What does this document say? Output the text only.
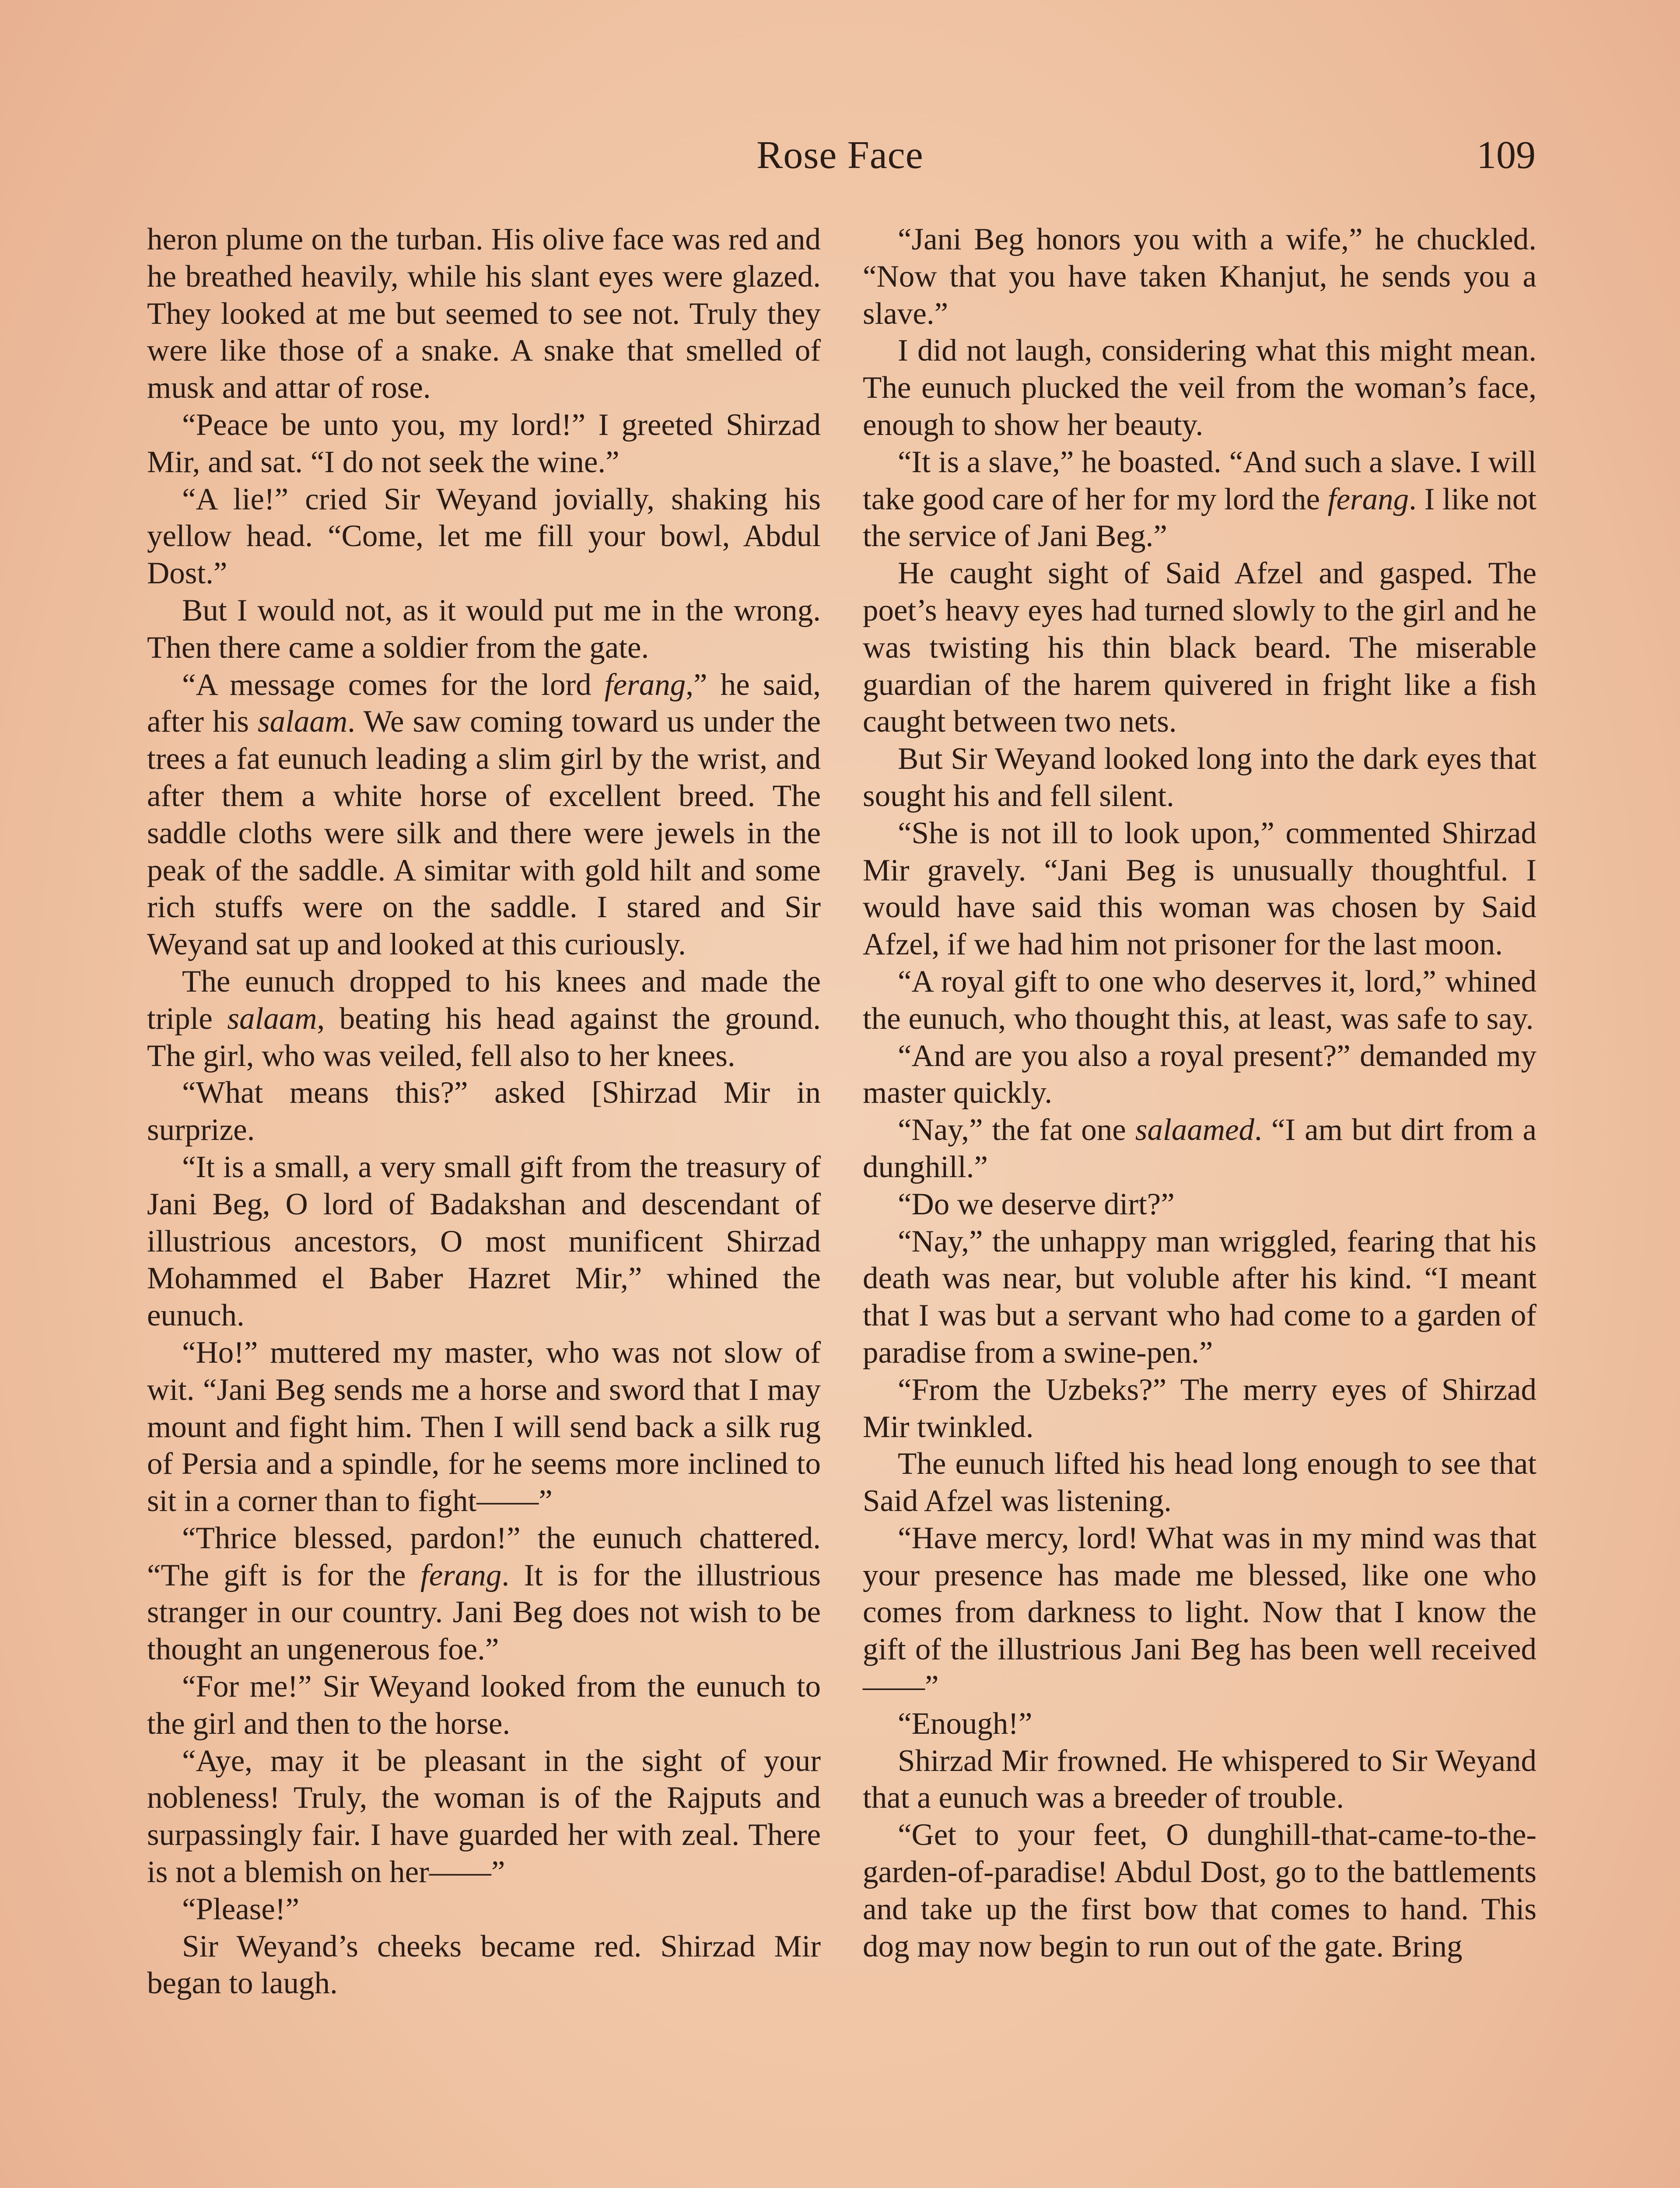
Rose Face	109

heron plume on the turban. His olive face was red and he breathed heavily, while his slant eyes were glazed. They looked at me but seemed to see not. Truly they were like those of a snake. A snake that smelled of musk and attar of rose.

“Peace be unto you, my lord!” I greeted Shirzad Mir, and sat. “I do not seek the wine.”

“A lie!” cried Sir Weyand jovially, shaking his yellow head. “Come, let me fill your bowl, Abdul Dost.”

But I would not, as it would put me in the wrong. Then there came a soldier from the gate.

“A message comes for the lord ferang,” he said, after his salaam. We saw coming toward us under the trees a fat eunuch leading a slim girl by the wrist, and after them a white horse of excellent breed. The saddle cloths were silk and there were jewels in the peak of the saddle. A simitar with gold hilt and some rich stuffs were on the saddle. I stared and Sir Weyand sat up and looked at this curiously.

The eunuch dropped to his knees and made the triple salaam, beating his head against the ground. The girl, who was veiled, fell also to her knees.

“What means this?” asked [Shirzad Mir in surprize.

“It is a small, a very small gift from the treasury of Jani Beg, O lord of Badakshan and descendant of illustrious ancestors, O most munificent Shirzad Mohammed el Baber Hazret Mir,” whined the eunuch.

“Ho!” muttered my master, who was not slow of wit. “Jani Beg sends me a horse and sword that I may mount and fight him. Then I will send back a silk rug of Persia and a spindle, for he seems more inclined to sit in a corner than to fight——”

“Thrice blessed, pardon!” the eunuch chattered. “The gift is for the ferang. It is for the illustrious stranger in our country. Jani Beg does not wish to be thought an ungenerous foe.”

“For me!” Sir Weyand looked from the eunuch to the girl and then to the horse.

“Aye, may it be pleasant in the sight of your nobleness! Truly, the woman is of the Rajputs and surpassingly fair. I have guarded her with zeal. There is not a blemish on her——”

“Please!”

Sir Weyand’s cheeks became red. Shirzad Mir began to laugh.

“Jani Beg honors you with a wife,” he chuckled. “Now that you have taken Khanjut, he sends you a slave.”

I did not laugh, considering what this might mean. The eunuch plucked the veil from the woman’s face, enough to show her beauty.

“It is a slave,” he boasted. “And such a slave. I will take good care of her for my lord the ferang. I like not the service of Jani Beg.”

He caught sight of Said Afzel and gasped. The poet’s heavy eyes had turned slowly to the girl and he was twisting his thin black beard. The miserable guardian of the harem quivered in fright like a fish caught between two nets.

But Sir Weyand looked long into the dark eyes that sought his and fell silent.

“She is not ill to look upon,” commented Shirzad Mir gravely. “Jani Beg is unusually thoughtful. I would have said this woman was chosen by Said Afzel, if we had him not prisoner for the last moon.

“A royal gift to one who deserves it, lord,” whined the eunuch, who thought this, at least, was safe to say.

“And are you also a royal present?” demanded my master quickly.

“Nay,” the fat one salaamed. “I am but dirt from a dunghill.”

“Do we deserve dirt?”

“Nay,” the unhappy man wriggled, fearing that his death was near, but voluble after his kind. “I meant that I was but a servant who had come to a garden of paradise from a swine-pen.”

“From the Uzbeks?” The merry eyes of Shirzad Mir twinkled.

The eunuch lifted his head long enough to see that Said Afzel was listening.

“Have mercy, lord! What was in my mind was that your presence has made me blessed, like one who comes from darkness to light. Now that I know the gift of the illustrious Jani Beg has been well received——”

“Enough!”

Shirzad Mir frowned. He whispered to Sir Weyand that a eunuch was a breeder of trouble.

“Get to your feet, O dunghill-that-came-to-the-garden-of-paradise! Abdul Dost, go to the battlements and take up the first bow that comes to hand. This dog may now begin to run out of the gate. Bring
